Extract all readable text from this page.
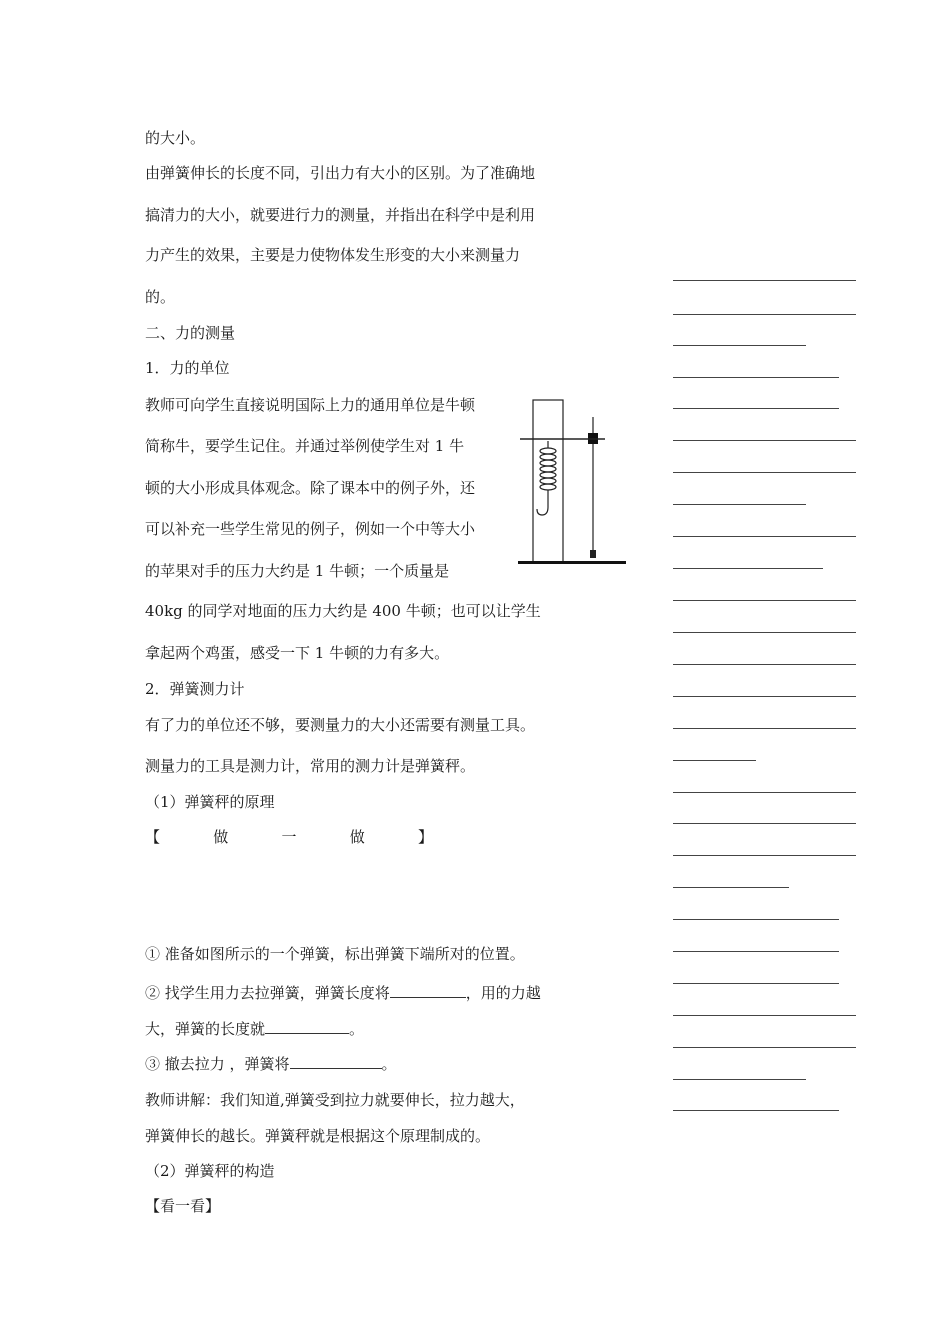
的大小。
由弹簧伸长的长度不同，引出力有大小的区别。为了准确地
搞清力的大小，就要进行力的测量，并指出在科学中是利用
力产生的效果，主要是力使物体发生形变的大小来测量力
的。
二、力的测量
1．力的单位
教师可向学生直接说明国际上力的通用单位是牛顿
简称牛，要学生记住。并通过举例使学生对 1 牛
顿的大小形成具体观念。除了课本中的例子外，还
可以补充一些学生常见的例子，例如一个中等大小
的苹果对手的压力大约是 1 牛顿；一个质量是
40kg 的同学对地面的压力大约是 400 牛顿；也可以让学生
拿起两个鸡蛋，感受一下 1 牛顿的力有多大。
2．弹簧测力计
有了力的单位还不够，要测量力的大小还需要有测量工具。
测量力的工具是测力计，常用的测力计是弹簧秤。
（1）弹簧秤的原理
【	做	一	做	】
① 准备如图所示的一个弹簧，标出弹簧下端所对的位置。
② 找学生用力去拉弹簧，弹簧长度将	，用的力越
大，弹簧的长度就	。
③ 撤去拉力 ，弹簧将	。
教师讲解：我们知道,弹簧受到拉力就要伸长，拉力越大，
弹簧伸长的越长。弹簧秤就是根据这个原理制成的。
（2）弹簧秤的构造
【看一看】
